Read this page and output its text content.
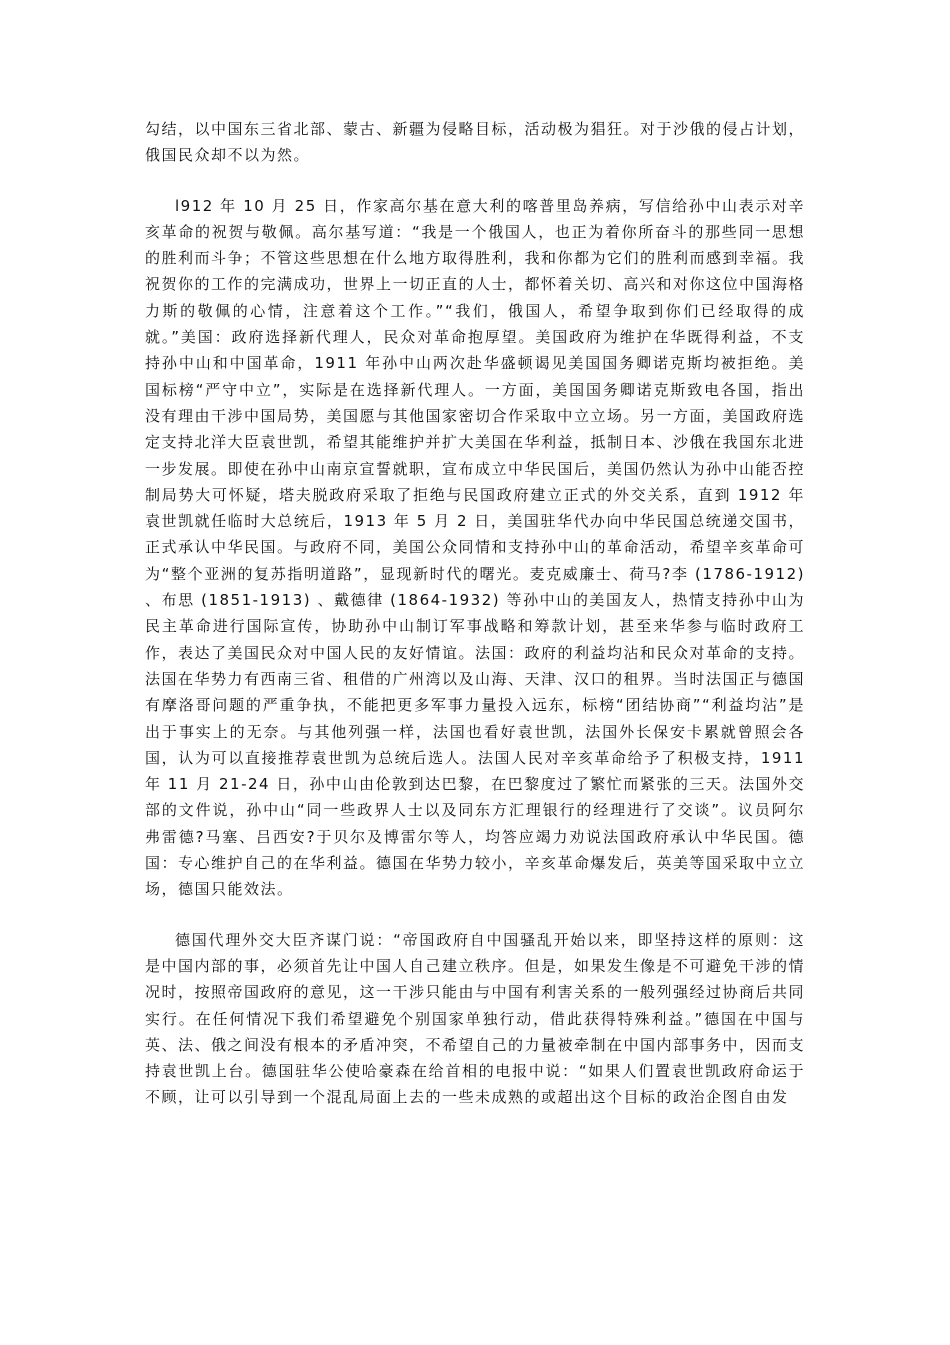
勾结，以中国东三省北部、蒙古、新疆为侵略目标，活动极为猖狂。对于沙俄的侵占计划，俄国民众却不以为然。

l912 年 10 月 25 日，作家高尔基在意大利的喀普里岛养病，写信给孙中山表示对辛亥革命的祝贺与敬佩。高尔基写道：“我是一个俄国人，也正为着你所奋斗的那些同一思想的胜利而斗争；不管这些思想在什么地方取得胜利，我和你都为它们的胜利而感到幸福。我祝贺你的工作的完满成功，世界上一切正直的人士，都怀着关切、高兴和对你这位中国海格力斯的敬佩的心情，注意着这个工作。”“我们，俄国人，希望争取到你们已经取得的成就。”美国：政府选择新代理人，民众对革命抱厚望。美国政府为维护在华既得利益，不支持孙中山和中国革命，1911 年孙中山两次赴华盛顿谒见美国国务卿诺克斯均被拒绝。美国标榜“严守中立”，实际是在选择新代理人。一方面，美国国务卿诺克斯致电各国，指出没有理由干涉中国局势，美国愿与其他国家密切合作采取中立立场。另一方面，美国政府选定支持北洋大臣袁世凯，希望其能维护并扩大美国在华利益，抵制日本、沙俄在我国东北进一步发展。即使在孙中山南京宣誓就职，宣布成立中华民国后，美国仍然认为孙中山能否控制局势大可怀疑，塔夫脱政府采取了拒绝与民国政府建立正式的外交关系，直到 1912 年袁世凯就任临时大总统后，1913 年 5 月 2 日，美国驻华代办向中华民国总统递交国书，正式承认中华民国。与政府不同，美国公众同情和支持孙中山的革命活动，希望辛亥革命可为“整个亚洲的复苏指明道路”，显现新时代的曙光。麦克威廉士、荷马?李 (1786-1912) 、布思 (1851-1913) 、戴德律 (1864-1932) 等孙中山的美国友人，热情支持孙中山为民主革命进行国际宣传，协助孙中山制订军事战略和筹款计划，甚至来华参与临时政府工作，表达了美国民众对中国人民的友好情谊。法国：政府的利益均沾和民众对革命的支持。法国在华势力有西南三省、租借的广州湾以及山海、天津、汉口的租界。当时法国正与德国有摩洛哥问题的严重争执，不能把更多军事力量投入远东，标榜“团结协商”“利益均沾”是出于事实上的无奈。与其他列强一样，法国也看好袁世凯，法国外长保安卡累就曾照会各国，认为可以直接推荐袁世凯为总统后选人。法国人民对辛亥革命给予了积极支持，1911 年 11 月 21-24 日，孙中山由伦敦到达巴黎，在巴黎度过了繁忙而紧张的三天。法国外交部的文件说，孙中山“同一些政界人士以及同东方汇理银行的经理进行了交谈”。议员阿尔弗雷德?马塞、吕西安?于贝尔及博雷尔等人，均答应竭力劝说法国政府承认中华民国。德国：专心维护自己的在华利益。德国在华势力较小，辛亥革命爆发后，英美等国采取中立立场，德国只能效法。

德国代理外交大臣齐谋门说：“帝国政府自中国骚乱开始以来，即坚持这样的原则：这是中国内部的事，必须首先让中国人自己建立秩序。但是，如果发生像是不可避免干涉的情况时，按照帝国政府的意见，这一干涉只能由与中国有利害关系的一般列强经过协商后共同实行。在任何情况下我们希望避免个别国家单独行动，借此获得特殊利益。”德国在中国与英、法、俄之间没有根本的矛盾冲突，不希望自己的力量被牵制在中国内部事务中，因而支持袁世凯上台。德国驻华公使哈豪森在给首相的电报中说：“如果人们置袁世凯政府命运于不顾，让可以引导到一个混乱局面上去的一些未成熟的或超出这个目标的政治企图自由发
